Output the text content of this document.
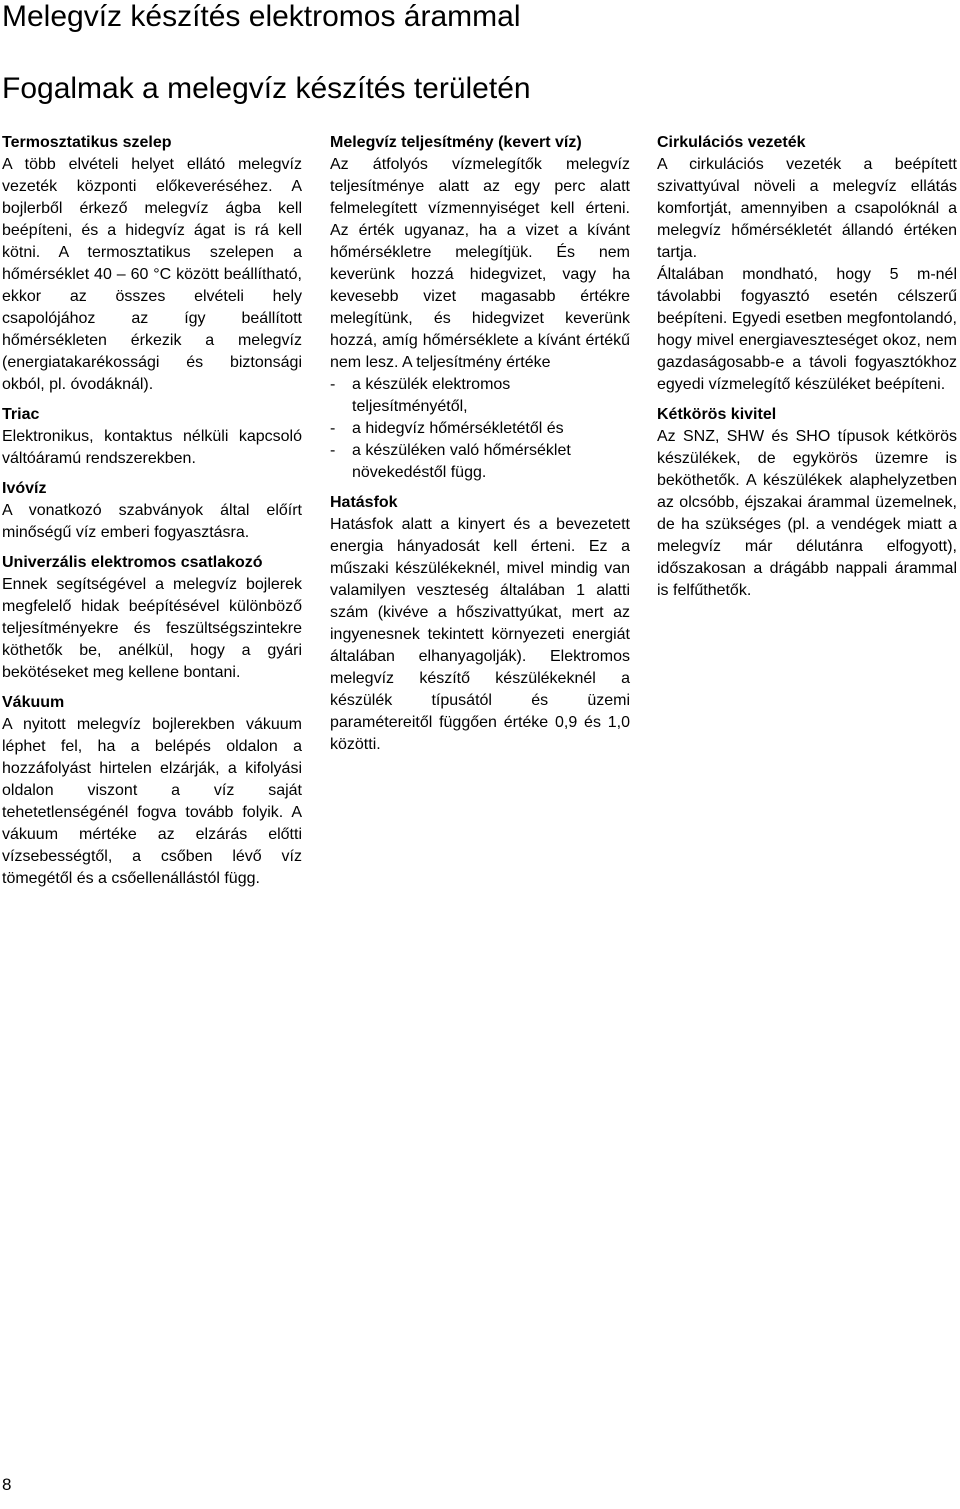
Melegvíz készítés elektromos árammal
Fogalmak a melegvíz készítés területén
Termosztatikus szelep

A több elvételi helyet ellátó melegvíz vezeték központi előkeveréséhez. A bojlerből érkező melegvíz ágba kell beépíteni, és a hidegvíz ágat is rá kell kötni. A termosztatikus szelepen a hőmérséklet 40 – 60 °C között beállítható, ekkor az összes elvételi hely csapolójához az így beállított hőmérsékleten érkezik a melegvíz (energiatakarékossági és biztonsági okból, pl. óvodáknál).

Triac

Elektronikus, kontaktus nélküli kapcsoló váltóáramú rendszerekben.

Ivóvíz

A vonatkozó szabványok által előírt minőségű víz emberi fogyasztásra.

Univerzális elektromos csatlakozó

Ennek segítségével a melegvíz bojlerek megfelelő hidak beépítésével különböző teljesítményekre és feszültségszintekre köthetők be, anélkül, hogy a gyári bekötéseket meg kellene bontani.

Vákuum

A nyitott melegvíz bojlerekben vákuum léphet fel, ha a belépés oldalon a hozzáfolyást hirtelen elzárják, a kifolyási oldalon viszont a víz saját tehetetlenségénél fogva tovább folyik. A vákuum mértéke az elzárás előtti vízsebességtől, a csőben lévő víz tömegétől és a csőellenállástól függ.

Melegvíz teljesítmény (kevert víz)

Az átfolyós vízmelegítők melegvíz teljesítménye alatt az egy perc alatt felmelegített vízmennyiséget kell érteni. Az érték ugyanaz, ha a vizet a kívánt hőmérsékletre melegítjük. És nem keverünk hozzá hidegvizet, vagy ha kevesebb vizet magasabb értékre melegítünk, és hidegvizet keverünk hozzá, amíg hőmérséklete a kívánt értékű nem lesz. A teljesítmény értéke

- a készülék elektromos teljesítményétől,
- a hidegvíz hőmérsékletétől és
- a készüléken való hőmérséklet növekedéstől függ.
Hatásfok

Hatásfok alatt a kinyert és a bevezetett energia hányadosát kell érteni. Ez a műszaki készülékeknél, mivel mindig van valamilyen veszteség általában 1 alatti szám (kivéve a hőszivattyúkat, mert az ingyenesnek tekintett környezeti energiát általában elhanyagolják). Elektromos melegvíz készítő készülékeknél a készülék típusától és üzemi paramétereitől függően értéke 0,9 és 1,0 közötti.

Cirkulációs vezeték

A cirkulációs vezeték a beépített szivattyúval növeli a melegvíz ellátás komfortját, amennyiben a csapolóknál a melegvíz hőmérsékletét állandó értéken tartja.

Általában mondható, hogy 5 m-nél távolabbi fogyasztó esetén célszerű beépíteni. Egyedi esetben megfontolandó, hogy mivel energiaveszteséget okoz, nem gazdaságosabb-e a távoli fogyasztókhoz egyedi vízmelegítő készüléket beépíteni.

Kétkörös kivitel

Az SNZ, SHW és SHO típusok kétkörös készülékek, de egykörös üzemre is beköthetők. A készülékek alaphelyzetben az olcsóbb, éjszakai árammal üzemelnek, de ha szükséges (pl. a vendégek miatt a melegvíz már délutánra elfogyott), időszakosan a drágább nappali árammal is felfűthetők.

8
